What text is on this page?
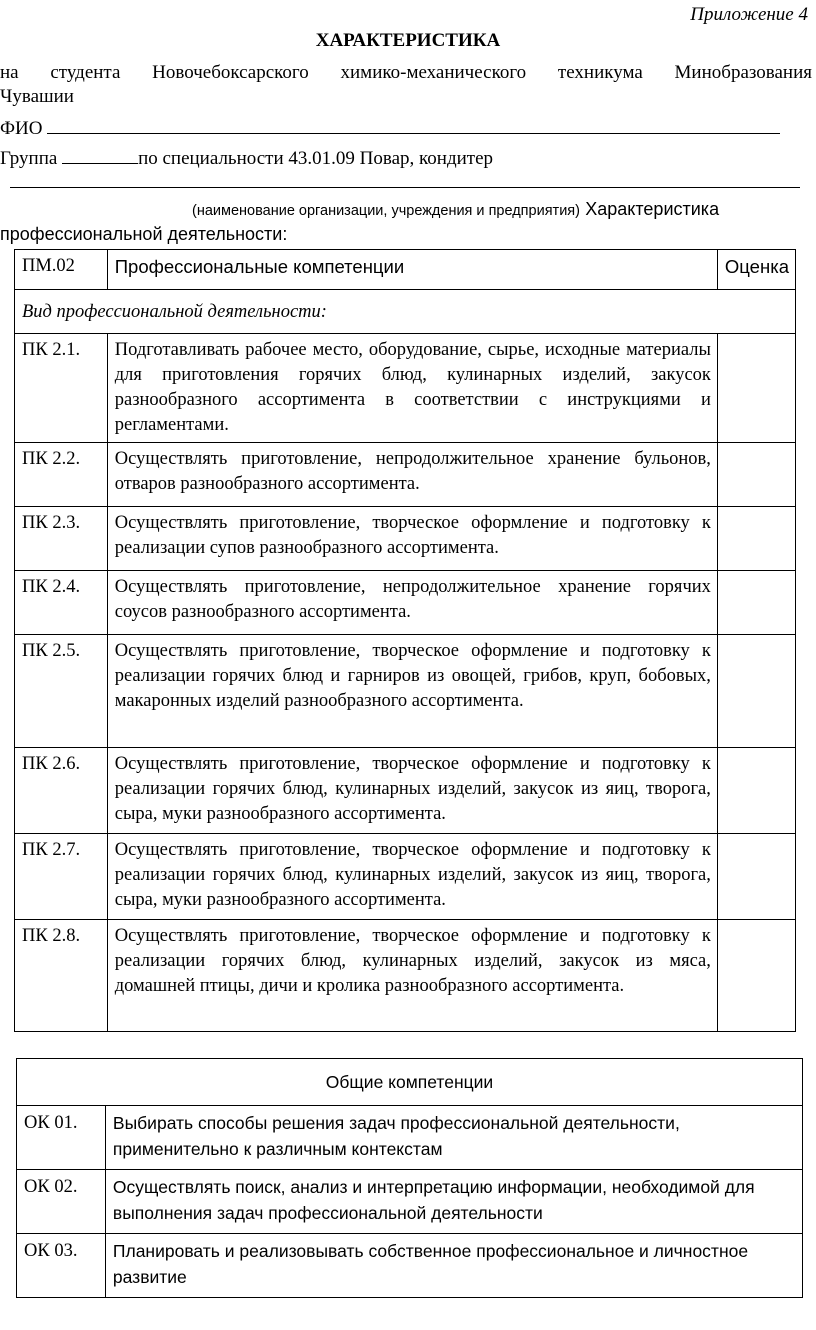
Приложение 4
ХАРАКТЕРИСТИКА
на студента Новочебоксарского химико-механического техникума Минобразования
Чувашии
ФИО
Группа	по специальности 43.01.09 Повар, кондитер
(наименование организации, учреждения и предприятия) Характеристика
профессиональной деятельности:
ПМ.02	Профессиональные компетенции	Оценка
Вид профессиональной деятельности:		
ПК 2.1.	Подготавливать рабочее место, оборудование, сырье, исходные материалы для приготовления горячих блюд, кулинарных изделий, закусок разнообразного ассортимента в соответствии с инструкциями и регламентами.	
ПК 2.2.	Осуществлять приготовление, непродолжительное хранение бульонов, отваров разнообразного ассортимента.	
ПК 2.3.	Осуществлять приготовление, творческое оформление и подготовку к реализации супов разнообразного ассортимента.	
ПК 2.4.	Осуществлять приготовление, непродолжительное хранение горячих соусов разнообразного ассортимента.	
ПК 2.5.	Осуществлять приготовление, творческое оформление и подготовку к реализации горячих блюд и гарниров из овощей, грибов, круп, бобовых, макаронных изделий разнообразного ассортимента.	
ПК 2.6.	Осуществлять приготовление, творческое оформление и подготовку к реализации горячих блюд, кулинарных изделий, закусок из яиц, творога, сыра, муки разнообразного ассортимента.	
ПК 2.7.	Осуществлять приготовление, творческое оформление и подготовку к реализации горячих блюд, кулинарных изделий, закусок из яиц, творога, сыра, муки разнообразного ассортимента.	
ПК 2.8.	Осуществлять приготовление, творческое оформление и подготовку к реализации горячих блюд, кулинарных изделий, закусок из мяса, домашней птицы, дичи и кролика разнообразного ассортимента.	
Общие компетенции	
ОК 01.	Выбирать способы решения задач профессиональной деятельности, применительно к различным контекстам
ОК 02.	Осуществлять поиск, анализ и интерпретацию информации, необходимой для выполнения задач профессиональной деятельности
ОК 03.	Планировать и реализовывать собственное профессиональное и личностное развитие
